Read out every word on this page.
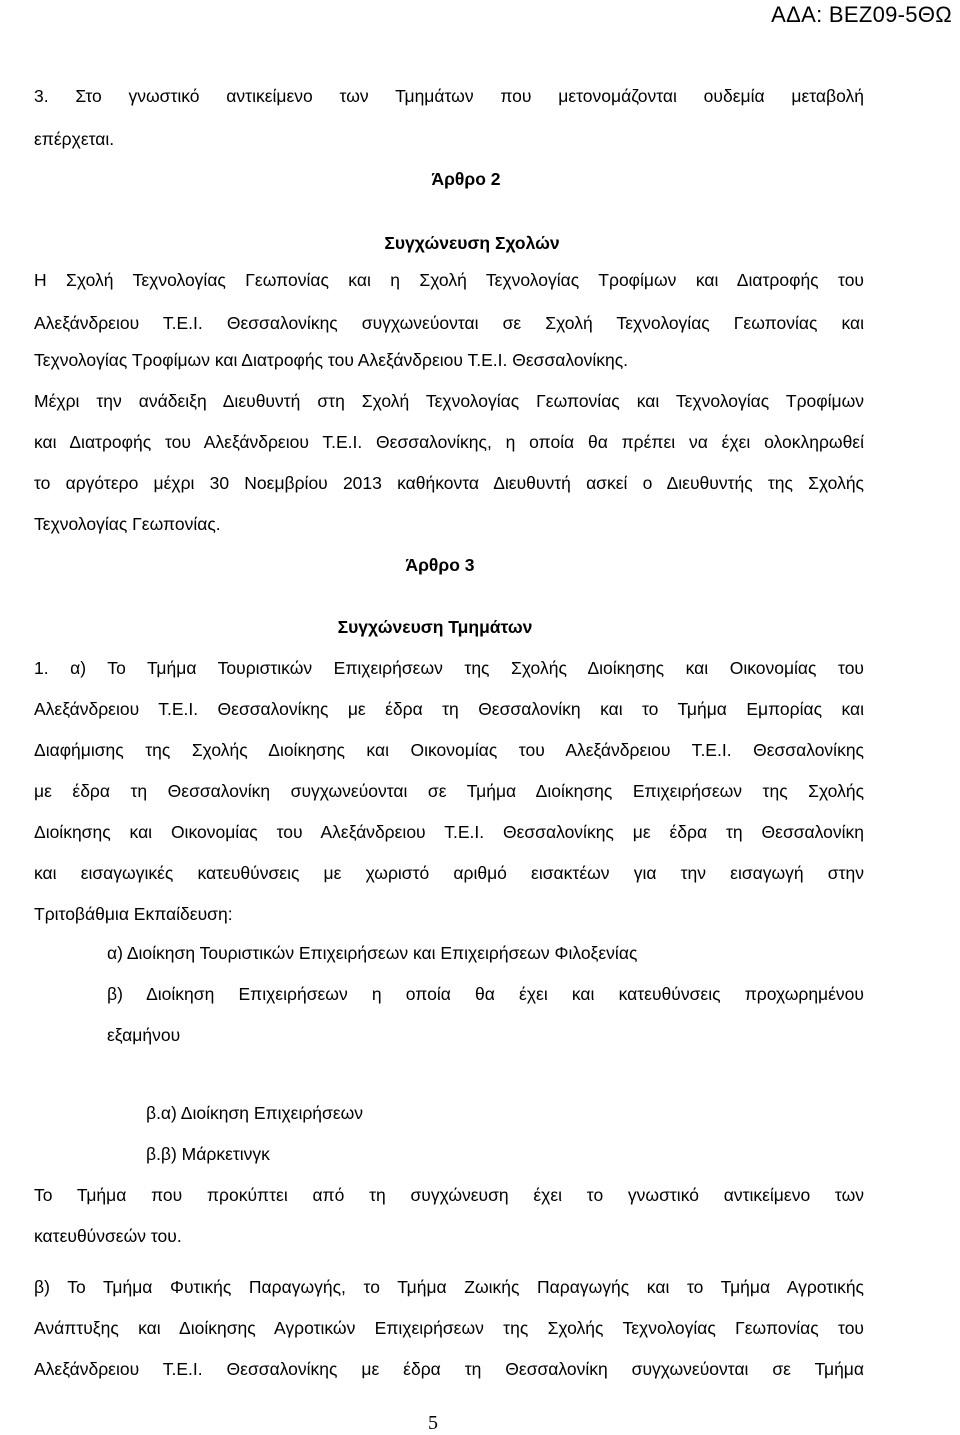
ΑΔΑ: ΒΕΖ09-5ΘΩ
3. Στο γνωστικό αντικείμενο των Τμημάτων που μετονομάζονται ουδεμία μεταβολή
επέρχεται.
Άρθρο 2
Συγχώνευση Σχολών
Η Σχολή Τεχνολογίας Γεωπονίας και η Σχολή Τεχνολογίας Τροφίμων και Διατροφής του
Αλεξάνδρειου Τ.Ε.Ι. Θεσσαλονίκης συγχωνεύονται σε Σχολή Τεχνολογίας Γεωπονίας και
Τεχνολογίας Τροφίμων και Διατροφής του Αλεξάνδρειου Τ.Ε.Ι. Θεσσαλονίκης.
Μέχρι την ανάδειξη Διευθυντή στη Σχολή Τεχνολογίας Γεωπονίας και Τεχνολογίας Τροφίμων
και Διατροφής του Αλεξάνδρειου Τ.Ε.Ι. Θεσσαλονίκης, η οποία θα πρέπει να έχει ολοκληρωθεί
το αργότερο μέχρι 30 Νοεμβρίου 2013 καθήκοντα Διευθυντή ασκεί ο Διευθυντής της Σχολής
Τεχνολογίας Γεωπονίας.
Άρθρο 3
Συγχώνευση Τμημάτων
1. α) Το Τμήμα Τουριστικών Επιχειρήσεων της Σχολής Διοίκησης και Οικονομίας του
Αλεξάνδρειου Τ.Ε.Ι. Θεσσαλονίκης με έδρα τη Θεσσαλονίκη και το Τμήμα Εμπορίας και
Διαφήμισης της Σχολής Διοίκησης και Οικονομίας του Αλεξάνδρειου Τ.Ε.Ι. Θεσσαλονίκης
με έδρα τη Θεσσαλονίκη συγχωνεύονται σε Τμήμα Διοίκησης Επιχειρήσεων της Σχολής
Διοίκησης και Οικονομίας του Αλεξάνδρειου Τ.Ε.Ι. Θεσσαλονίκης με έδρα τη Θεσσαλονίκη
και εισαγωγικές κατευθύνσεις με χωριστό αριθμό εισακτέων για την εισαγωγή στην
Τριτοβάθμια Εκπαίδευση:
α) Διοίκηση Τουριστικών Επιχειρήσεων και Επιχειρήσεων Φιλοξενίας
β) Διοίκηση Επιχειρήσεων η οποία θα έχει και κατευθύνσεις προχωρημένου
εξαμήνου
β.α) Διοίκηση Επιχειρήσεων
β.β) Μάρκετινγκ
Το Τμήμα που προκύπτει από τη συγχώνευση έχει το γνωστικό αντικείμενο των
κατευθύνσεών του.
β) Το Τμήμα Φυτικής Παραγωγής, το Τμήμα Ζωικής Παραγωγής και το Τμήμα Αγροτικής
Ανάπτυξης και Διοίκησης Αγροτικών Επιχειρήσεων της Σχολής Τεχνολογίας Γεωπονίας του
Αλεξάνδρειου Τ.Ε.Ι. Θεσσαλονίκης με έδρα τη Θεσσαλονίκη συγχωνεύονται σε Τμήμα
5
